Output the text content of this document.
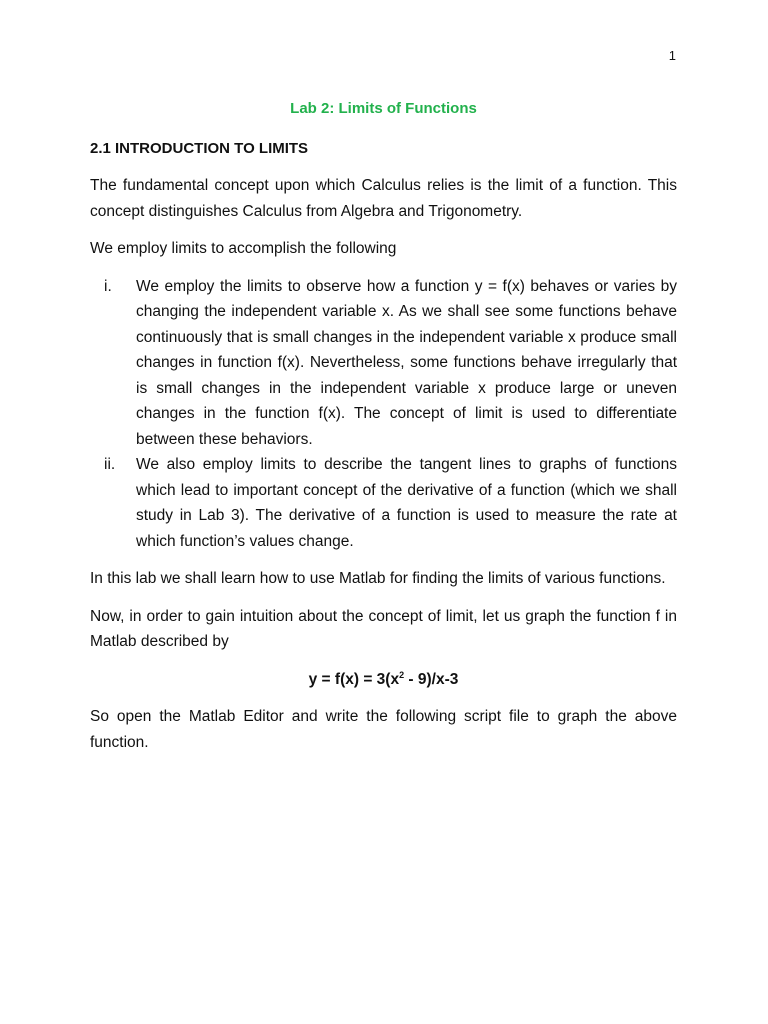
1
Lab 2: Limits of Functions
2.1 INTRODUCTION TO LIMITS

The fundamental concept upon which Calculus relies is the limit of a function. This concept distinguishes Calculus from Algebra and Trigonometry.

We employ limits to accomplish the following

i.	We employ the limits to observe how a function y = f(x) behaves or varies by changing the independent variable x. As we shall see some functions behave continuously that is small changes in the independent variable x produce small changes in function f(x). Nevertheless, some functions behave irregularly that is small changes in the independent variable x produce large or uneven changes in the function f(x). The concept of limit is used to differentiate between these behaviors.
ii.	We also employ limits to describe the tangent lines to graphs of functions which lead to important concept of the derivative of a function (which we shall study in Lab 3). The derivative of a function is used to measure the rate at which function’s values change.

In this lab we shall learn how to use Matlab for finding the limits of various functions.

Now, in order to gain intuition about the concept of limit, let us graph the function f in Matlab described by

$y = f(x) = 3(x^2 - 9)/x-3$

So open the Matlab Editor and write the following script file to graph the above function.
